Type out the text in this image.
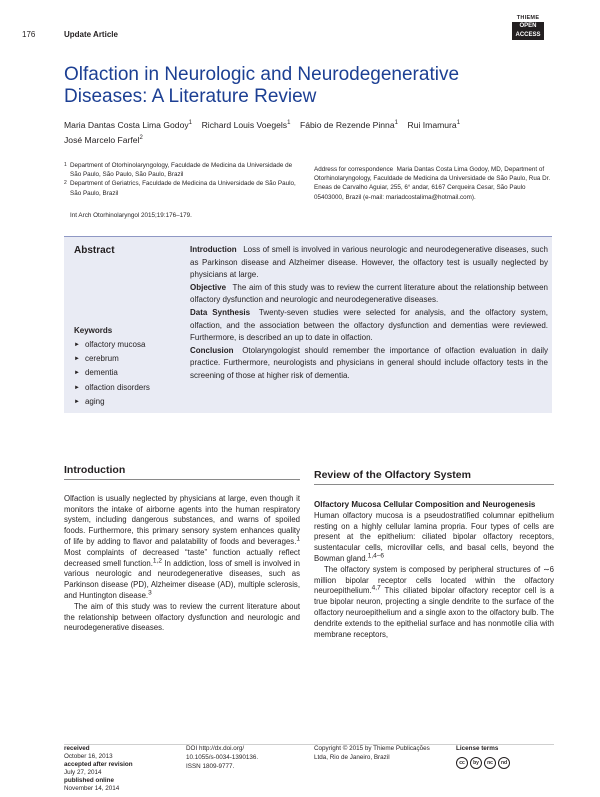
176	Update Article
THIEME
OPEN
ACCESS
Olfaction in Neurologic and Neurodegenerative Diseases: A Literature Review
Maria Dantas Costa Lima Godoy$^1$ Richard Louis Voegels$^1$ Fábio de Rezende Pinna$^1$ Rui Imamura$^1$
José Marcelo Farfel$^2$
1 Department of Otorhinolaryngology, Faculdade de Medicina da Universidade de São Paulo, São Paulo, São Paulo, Brazil
2 Department of Geriatrics, Faculdade de Medicina da Universidade de São Paulo, São Paulo, Brazil
Int Arch Otorhinolaryngol 2015;19:176–179.
Address for correspondence Maria Dantas Costa Lima Godoy, MD, Department of Otorhinolaryngology, Faculdade de Medicina da Universidade de São Paulo, Rua Dr. Eneas de Carvalho Aguiar, 255, 6° andar, 6167 Cerqueira Cesar, São Paulo 05403000, Brazil (e-mail: mariadcostalima@hotmail.com).
Abstract
Keywords
► olfactory mucosa
► cerebrum
► dementia
► olfaction disorders
► aging

Introduction Loss of smell is involved in various neurologic and neurodegenerative diseases, such as Parkinson disease and Alzheimer disease. However, the olfactory test is usually neglected by physicians at large.

Objective The aim of this study was to review the current literature about the relationship between olfactory dysfunction and neurologic and neurodegenerative diseases.

Data Synthesis Twenty-seven studies were selected for analysis, and the olfactory system, olfaction, and the association between the olfactory dysfunction and dementias were reviewed. Furthermore, is described an up to date in olfaction.

Conclusion Otolaryngologist should remember the importance of olfaction evaluation in daily practice. Furthermore, neurologists and physicians in general should include olfactory tests in the screening of those at higher risk of dementia.

Introduction

Olfaction is usually neglected by physicians at large, even though it monitors the intake of airborne agents into the human respiratory system, including dangerous substances, and warns of spoiled foods. Furthermore, this primary sensory system enhances quality of life by adding to flavor and palatability of foods and beverages.$^1$ Most complaints of decreased “taste” function actually reflect decreased smell function.$^{1,2}$ In addiction, loss of smell is involved in various neurologic and neurodegenerative diseases, such as Parkinson disease (PD), Alzheimer disease (AD), multiple sclerosis, and Huntington disease.$^3$

The aim of this study was to review the current literature about the relationship between olfactory dysfunction and neurologic and neurodegenerative diseases.

Review of the Olfactory System
Olfactory Mucosa Cellular Composition and Neurogenesis

Human olfactory mucosa is a pseudostratified columnar epithelium resting on a highly cellular lamina propria. Four types of cells are present at the epithelium: ciliated bipolar olfactory receptors, sustentacular cells, microvillar cells, and basal cells, beyond the Bowman gland.$^{1,4-6}$

The olfactory system is composed by peripheral structures of ∼6 million bipolar receptor cells located within the olfactory neuroepithelium.$^{4,7}$ This ciliated bipolar olfactory receptor cell is a true bipolar neuron, projecting a single dendrite to the surface of the olfactory neuroepithelium and a single axon to the olfactory bulb. The dendrite extends to the epithelial surface and has nonmotile cilia with membrane receptors,

received
October 16, 2013
accepted after revision
July 27, 2014
published online
November 14, 2014
DOI http://dx.doi.org/
10.1055/s-0034-1390136.
ISSN 1809-9777.
Copyright © 2015 by Thieme Publicações Ltda, Rio de Janeiro, Brazil
License terms
cc	by	nc	nd
